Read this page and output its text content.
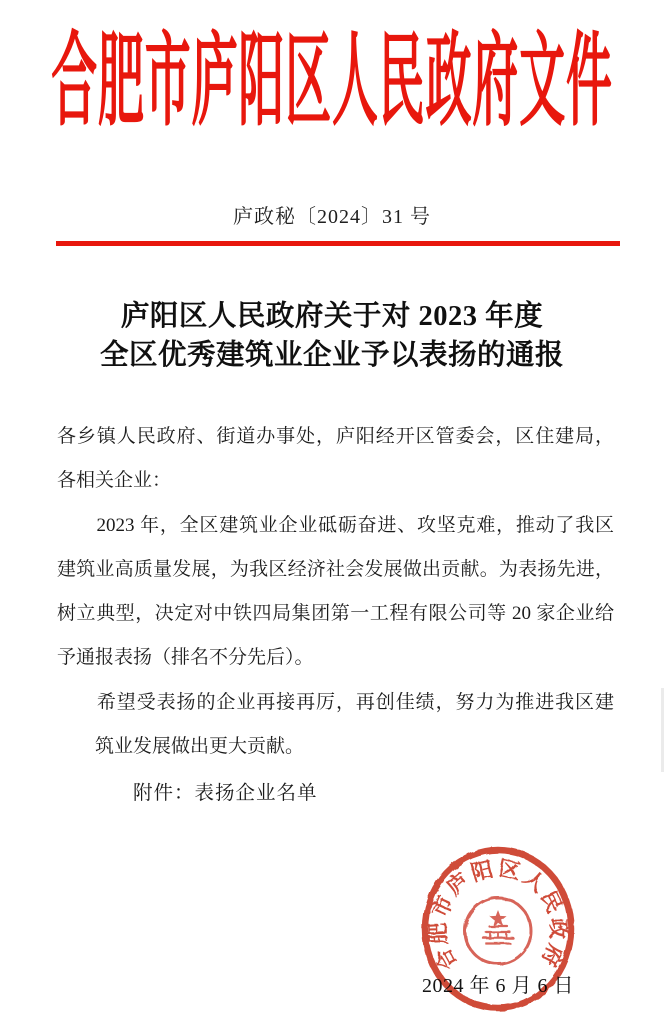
合肥市庐阳区人民政府文件
庐政秘〔2024〕31 号
庐阳区人民政府关于对 2023 年度
全区优秀建筑业企业予以表扬的通报
各乡镇人民政府、街道办事处，庐阳经开区管委会，区住建局，
各相关企业：
　　2023 年，全区建筑业企业砥砺奋进、攻坚克难，推动了我区
建筑业高质量发展，为我区经济社会发展做出贡献。为表扬先进，
树立典型，决定对中铁四局集团第一工程有限公司等 20 家企业给
予通报表扬（排名不分先后）。
　　希望受表扬的企业再接再厉，再创佳绩，努力为推进我区建
　　筑业发展做出更大贡献。
附件：表扬企业名单
2024 年 6 月 6 日
合肥市庐阳区人民政府
